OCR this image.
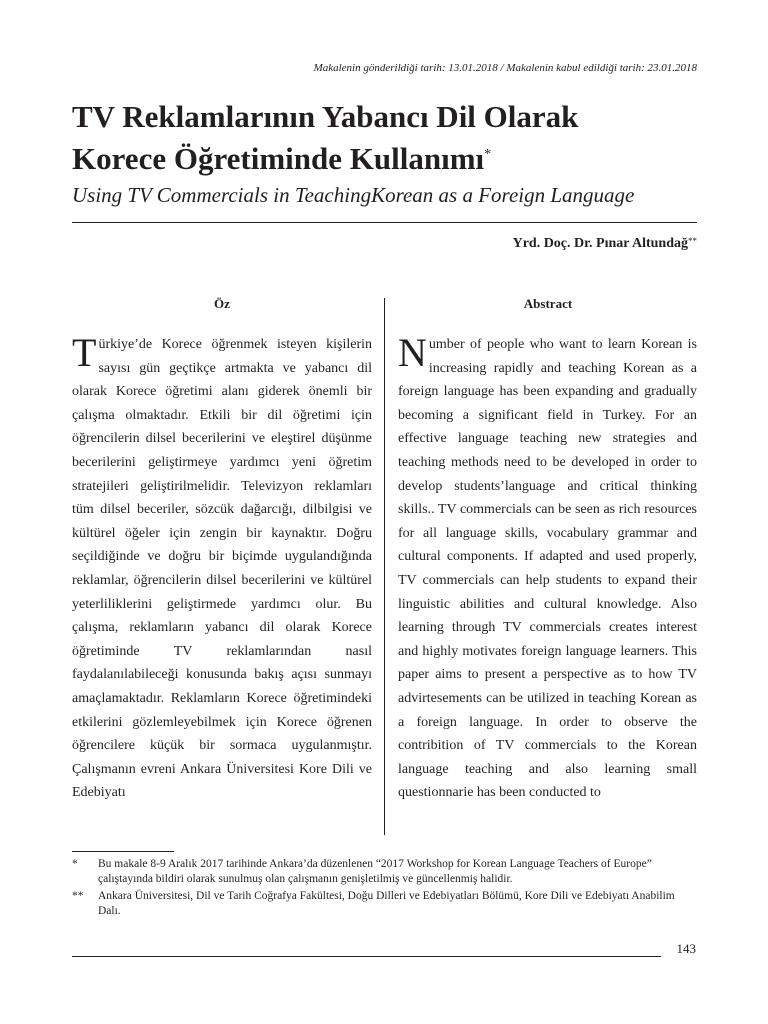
Makalenin gönderildiği tarih: 13.01.2018 / Makalenin kabul edildiği tarih: 23.01.2018
TV Reklamlarının Yabancı Dil Olarak
Korece Öğretiminde Kullanımı*
Using TV Commercials in TeachingKorean as a Foreign Language
Yrd. Doç. Dr. Pınar Altundağ**
Öz	Abstract
Türkiye’de Korece öğrenmek isteyen kişilerin sayısı gün geçtikçe artmakta ve yabancı dil olarak Korece öğretimi alanı giderek önemli bir çalışma olmaktadır. Etkili bir dil öğretimi için öğrencilerin dilsel becerilerini ve eleştirel düşünme becerilerini geliştirmeye yardımcı yeni öğretim stratejileri geliştirilmelidir. Televizyon reklamları tüm dilsel beceriler, sözcük dağarcığı, dilbilgisi ve kültürel öğeler için zengin bir kaynaktır. Doğru seçildiğinde ve doğru bir biçimde uygulandığında reklamlar, öğrencilerin dilsel becerilerini ve kültürel yeterliliklerini geliştirmede yardımcı olur. Bu çalışma, reklamların yabancı dil olarak Korece öğretiminde TV reklamlarından nasıl faydalanılabileceği konusunda bakış açısı sunmayı amaçlamaktadır. Reklamların Korece öğretimindeki etkilerini gözlemleyebilmek için Korece öğrenen öğrencilere küçük bir sormaca uygulanmıştır. Çalışmanın evreni Ankara Üniversitesi Kore Dili ve Edebiyatı
Number of people who want to learn Korean is increasing rapidly and teaching Korean as a foreign language has been expanding and gradually becoming a significant field in Turkey. For an effective language teaching new strategies and teaching methods need to be developed in order to develop students’language and critical thinking skills.. TV commercials can be seen as rich resources for all language skills, vocabulary grammar and cultural components. If adapted and used properly, TV commercials can help students to expand their linguistic abilities and cultural knowledge. Also learning through TV commercials creates interest and highly motivates foreign language learners. This paper aims to present a perspective as to how TV advirtesements can be utilized in teaching Korean as a foreign language. In order to observe the contribition of TV commercials to the Korean language teaching and also learning small questionnarie has been conducted to
*	Bu makale 8-9 Aralık 2017 tarihinde Ankara’da düzenlenen “2017 Workshop for Korean Language Teachers of Europe” çalıştayında bildiri olarak sunulmuş olan çalışmanın genişletilmiş ve güncellenmiş halidir.
**	Ankara Üniversitesi, Dil ve Tarih Coğrafya Fakültesi, Doğu Dilleri ve Edebiyatları Bölümü, Kore Dili ve Edebiyatı Anabilim Dalı.
143
